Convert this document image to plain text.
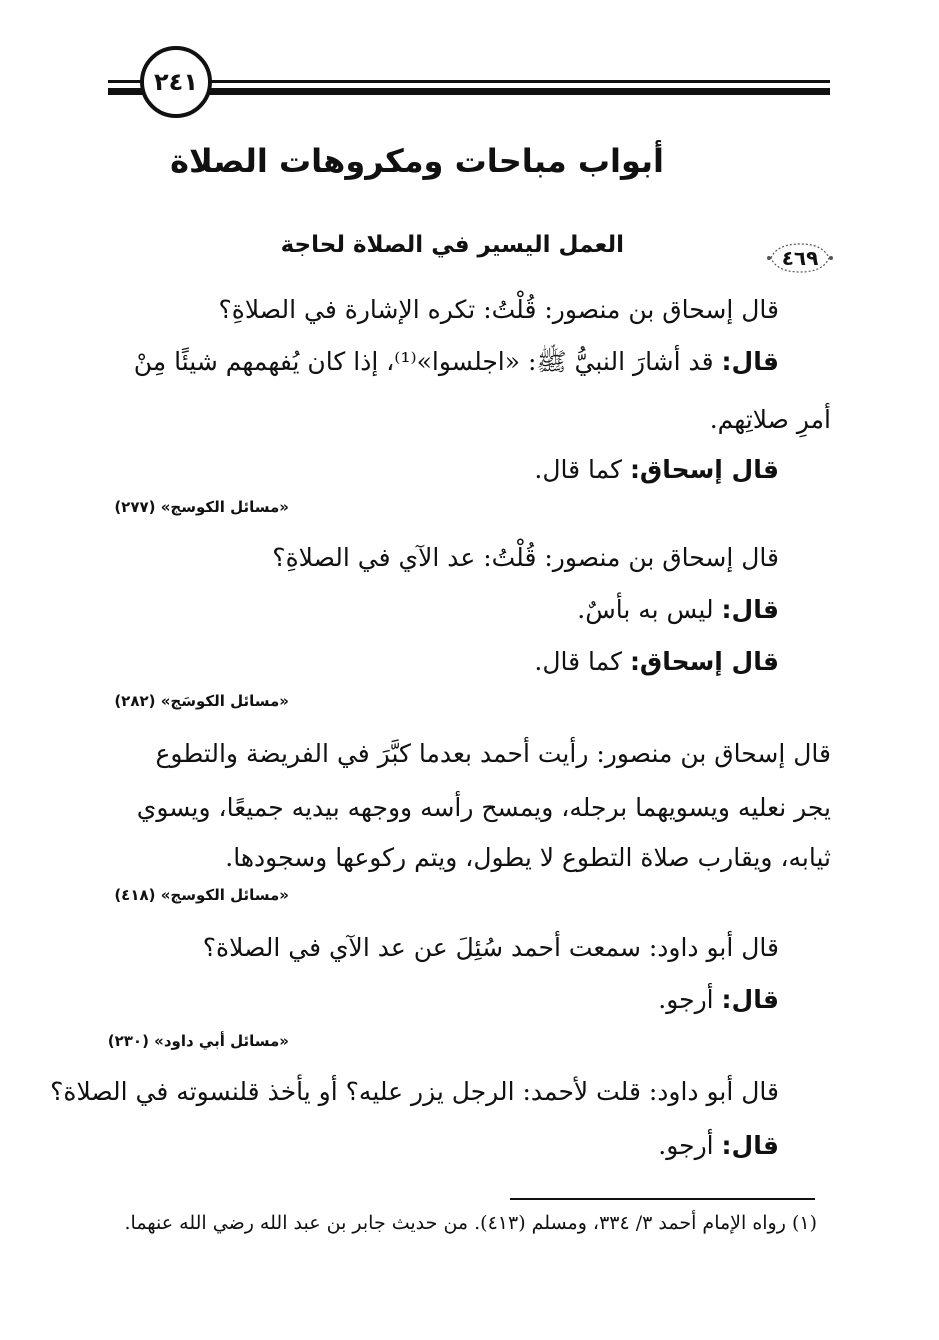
٢٤١
أبواب مباحات ومكروهات الصلاة
٤٦٩
العمل اليسير في الصلاة لحاجة
قال إسحاق بن منصور: قُلْتُ: تكره الإشارة في الصلاةِ؟
قال: قد أشارَ النبيُّ ﷺ: «اجلسوا»⁽¹⁾، إذا كان يُفهمهم شيئًا مِنْ
أمرِ صلاتِهم.
قال إسحاق: كما قال.
«مسائل الكوسج» (٢٧٧)
قال إسحاق بن منصور: قُلْتُ: عد الآي في الصلاةِ؟
قال: ليس به بأسٌ.
قال إسحاق: كما قال.
«مسائل الكوسَج» (٢٨٢)
قال إسحاق بن منصور: رأيت أحمد بعدما كبَّرَ في الفريضة والتطوع
يجر نعليه ويسويهما برجله، ويمسح رأسه ووجهه بيديه جميعًا، ويسوي
ثيابه، ويقارب صلاة التطوع لا يطول، ويتم ركوعها وسجودها.
«مسائل الكوسج» (٤١٨)
قال أبو داود: سمعت أحمد سُئِلَ عن عد الآي في الصلاة؟
قال: أرجو.
«مسائل أبي داود» (٢٣٠)
قال أبو داود: قلت لأحمد: الرجل يزر عليه؟ أو يأخذ قلنسوته في الصلاة؟
قال: أرجو.
(١) رواه الإمام أحمد ٣/ ٣٣٤، ومسلم (٤١٣). من حديث جابر بن عبد الله رضي الله عنهما.
